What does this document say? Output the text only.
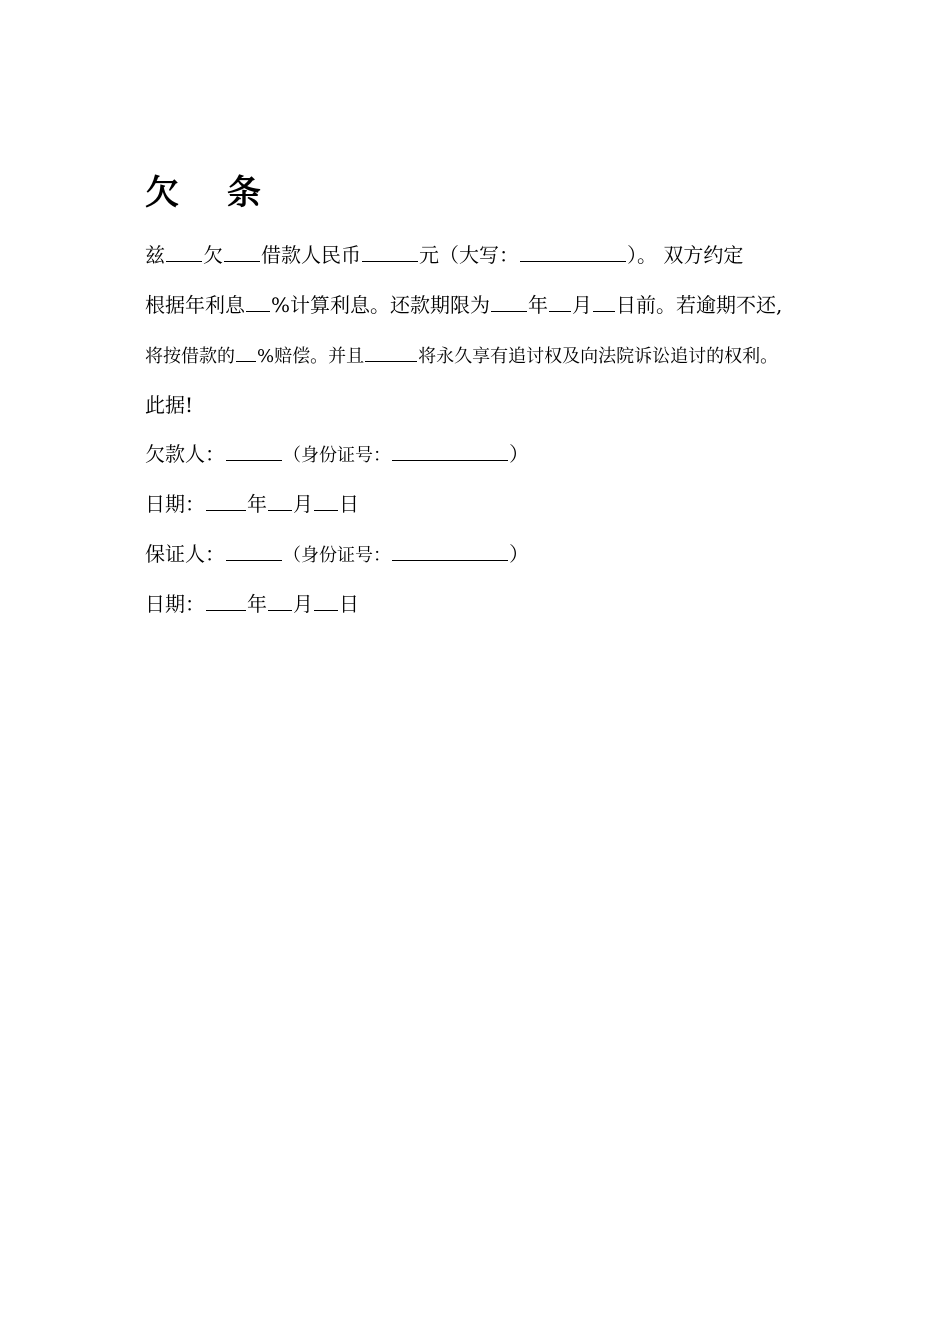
欠 条
兹 欠 借款人民币	元（大写：	）。 双方约定
根据年利息 %计算利息。还款期限为 年 月 日前。若逾期不还,
将按借款的 %赔偿。并且	将永久享有追讨权及向法院诉讼追讨的权利。
此据!
欠款人：	（身份证号：	）
日期： 年 月 日
保证人：	（身份证号：	）
日期： 年 月 日
